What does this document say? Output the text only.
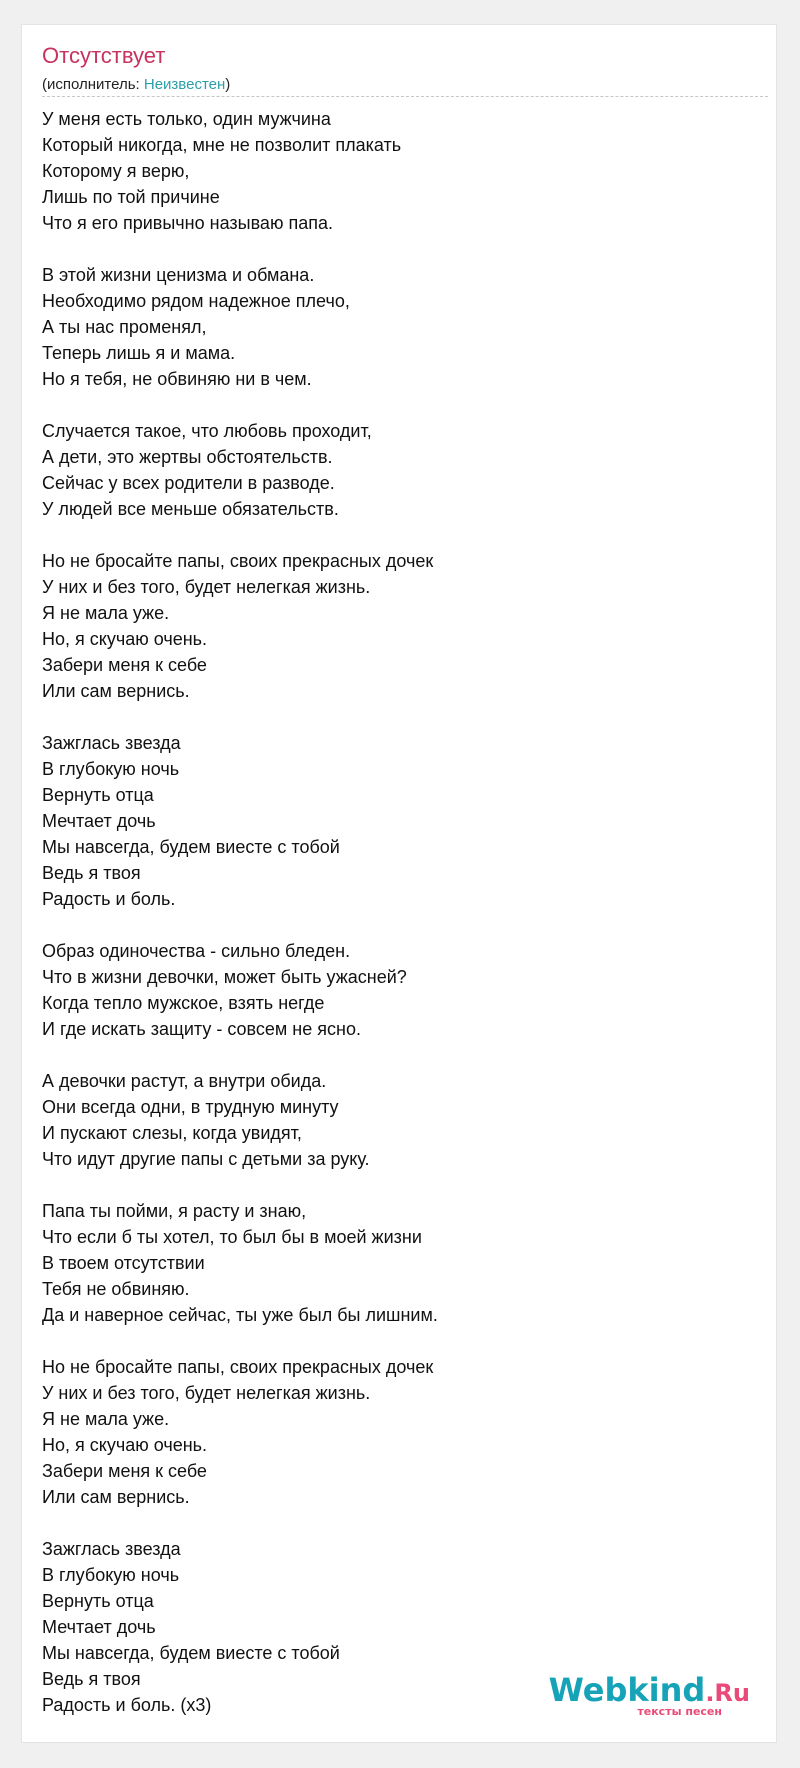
Отсутствует
(исполнитель: Неизвестен)
У меня есть только, один мужчина
Который никогда, мне не позволит плакать
Которому я верю,
Лишь по той причине
Что я его привычно называю папа.
В этой жизни ценизма и обмана.
Необходимо рядом надежное плечо,
А ты нас променял,
Теперь лишь я и мама.
Но я тебя, не обвиняю ни в чем.
Случается такое, что любовь проходит,
А дети, это жертвы обстоятельств.
Сейчас у всех родители в разводе.
У людей все меньше обязательств.
Но не бросайте папы, своих прекрасных дочек
У них и без того, будет нелегкая жизнь.
Я не мала уже.
Но, я скучаю очень.
Забери меня к себе
Или сам вернись.
Зажглась звезда
В глубокую ночь
Вернуть отца
Мечтает дочь
Мы навсегда, будем виесте с тобой
Ведь я твоя
Радость и боль.
Образ одиночества - сильно бледен.
Что в жизни девочки, может быть ужасней?
Когда тепло мужское, взять негде
И где искать защиту - совсем не ясно.
А девочки растут, а внутри обида.
Они всегда одни, в трудную минуту
И пускают слезы, когда увидят,
Что идут другие папы с детьми за руку.
Папа ты пойми, я расту и знаю,
Что если б ты хотел, то был бы в моей жизни
В твоем отсутствии
Тебя не обвиняю.
Да и наверное сейчас, ты уже был бы лишним.
Но не бросайте папы, своих прекрасных дочек
У них и без того, будет нелегкая жизнь.
Я не мала уже.
Но, я скучаю очень.
Забери меня к себе
Или сам вернись.
Зажглась звезда
В глубокую ночь
Вернуть отца
Мечтает дочь
Мы навсегда, будем виесте с тобой
Ведь я твоя
Радость и боль. (x3)	Webkind.Ru
тексты песен
